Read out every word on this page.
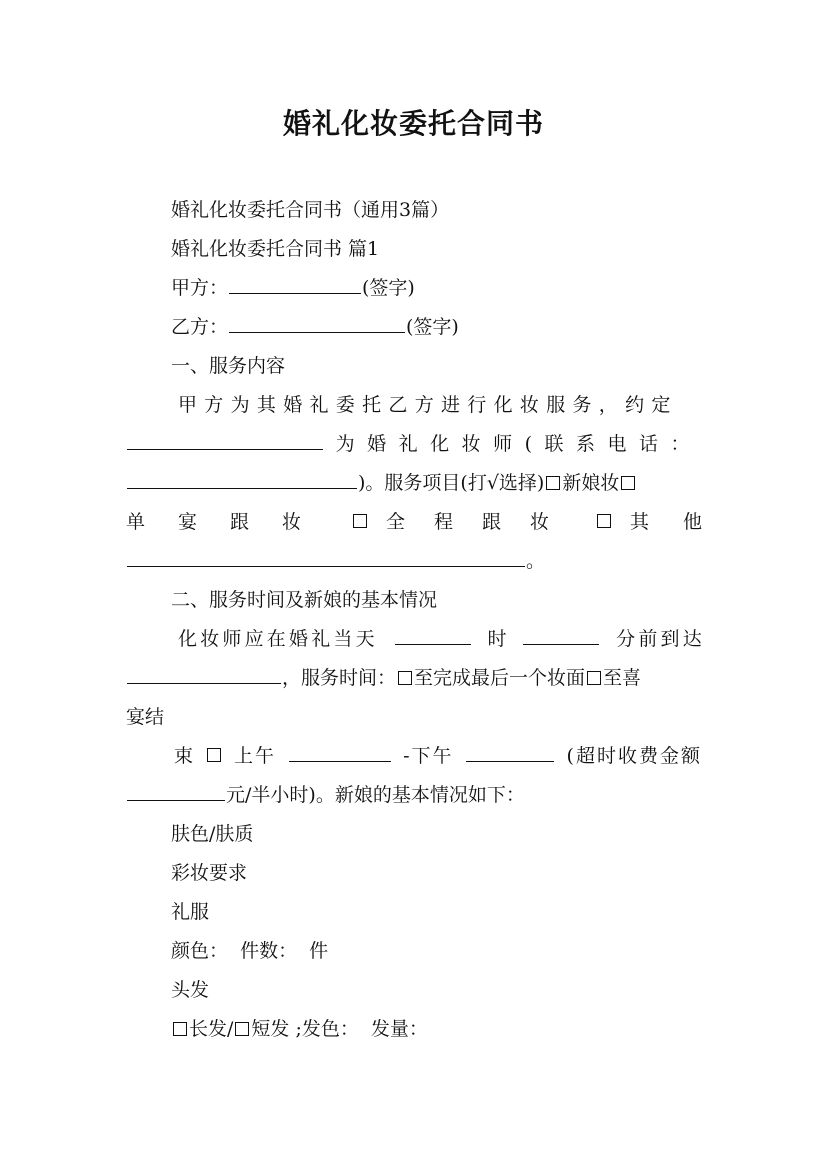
婚礼化妆委托合同书
婚礼化妆委托合同书（通用3篇）
婚礼化妆委托合同书 篇1
甲方：	(签字)
乙方：	(签字)
一、服务内容
甲方为其婚礼委托乙方进行化妆服务，约定
为婚礼化妆师(联系电话：
)。服务项目(打√选择) 新娘妆
单宴跟妆	全程跟妆	其他
。
二、服务时间及新娘的基本情况
化妆师应在婚礼当天	时	分前到达
，服务时间： 至完成最后一个妆面 至喜
宴结
束 上午	-下午	(超时收费金额
元/半小时)。新娘的基本情况如下：
肤色/肤质
彩妆要求
礼服
颜色：  件数：  件
头发
长发/ 短发 ;发色：  发量：
